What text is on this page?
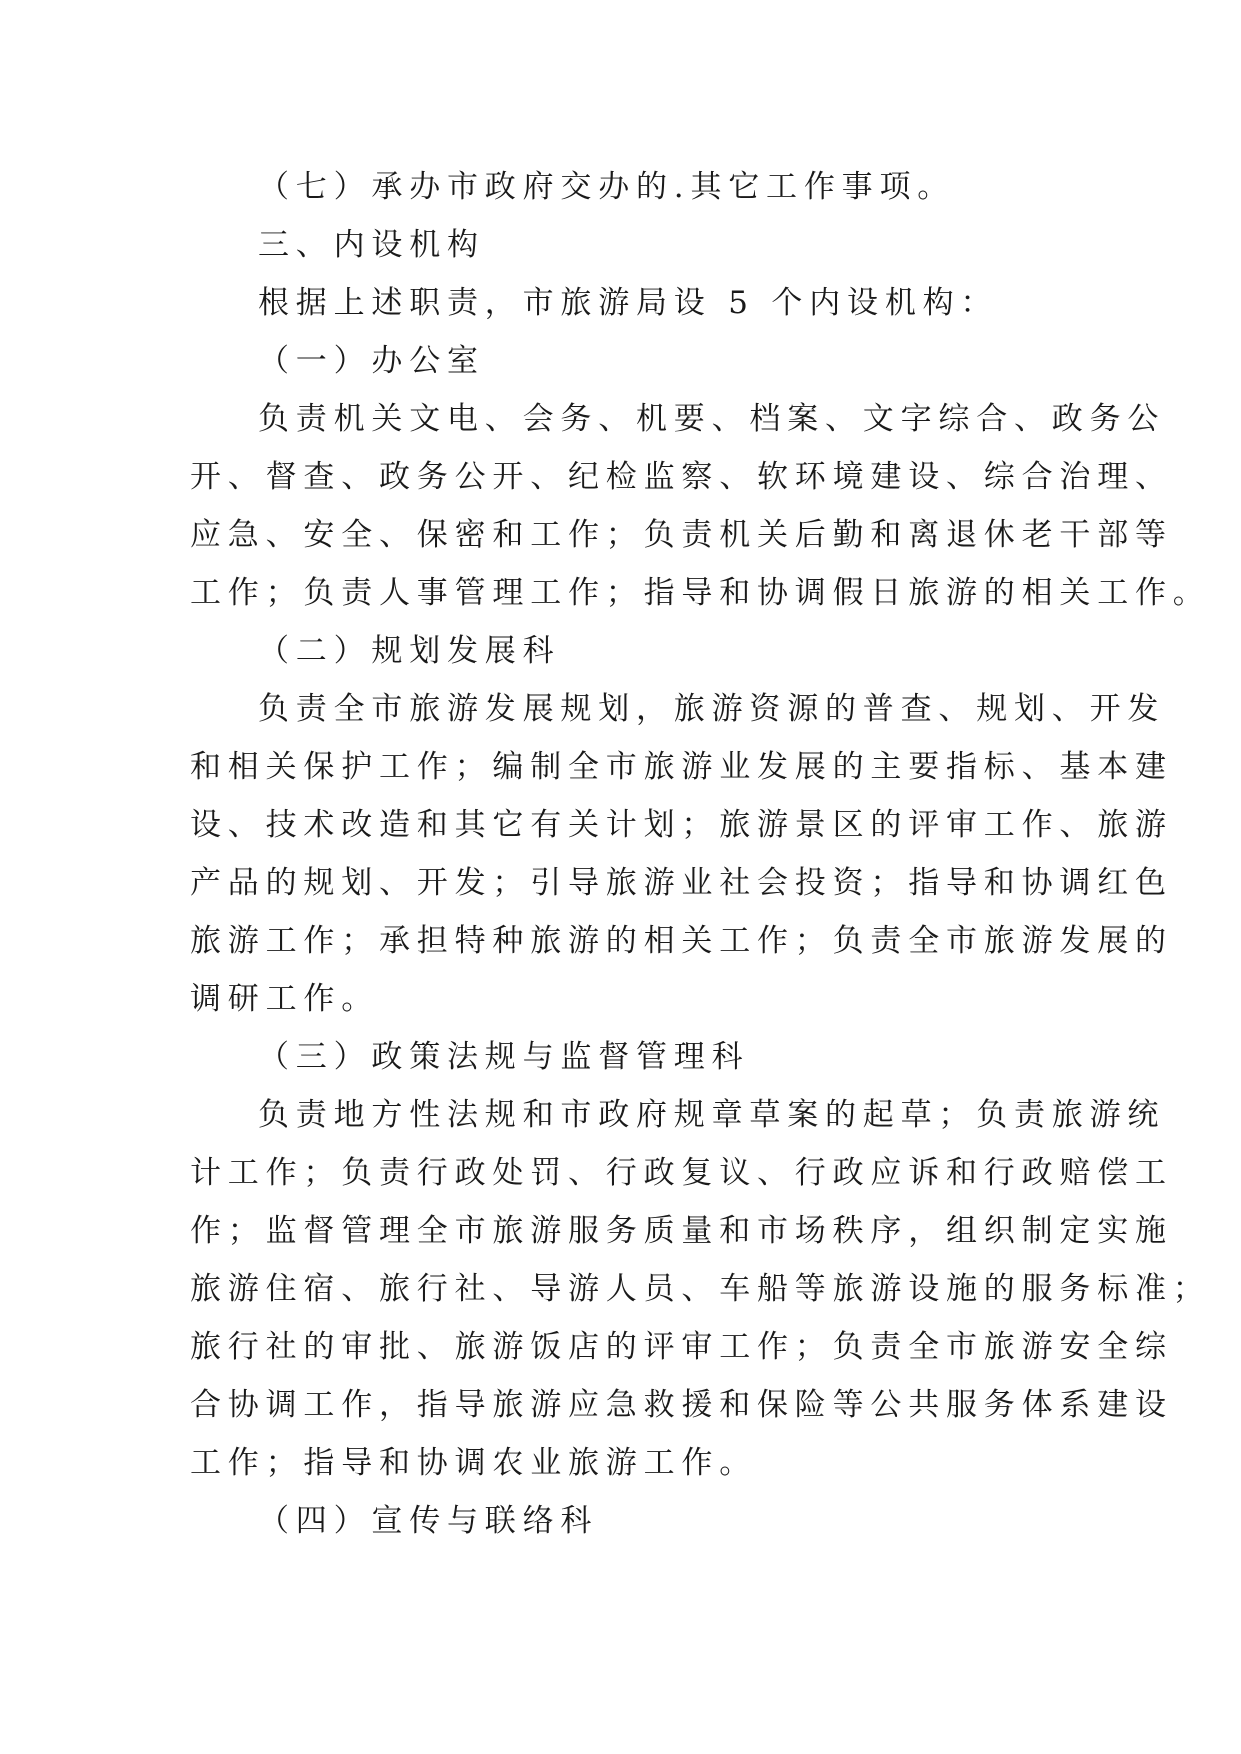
（七）承办市政府交办的.其它工作事项。
三、内设机构
根据上述职责，市旅游局设 5 个内设机构：
（一）办公室
负责机关文电、会务、机要、档案、文字综合、政务公
开、督查、政务公开、纪检监察、软环境建设、综合治理、
应急、安全、保密和工作；负责机关后勤和离退休老干部等
工作；负责人事管理工作；指导和协调假日旅游的相关工作。
（二）规划发展科
负责全市旅游发展规划，旅游资源的普查、规划、开发
和相关保护工作；编制全市旅游业发展的主要指标、基本建
设、技术改造和其它有关计划；旅游景区的评审工作、旅游
产品的规划、开发；引导旅游业社会投资；指导和协调红色
旅游工作；承担特种旅游的相关工作；负责全市旅游发展的
调研工作。
（三）政策法规与监督管理科
负责地方性法规和市政府规章草案的起草；负责旅游统
计工作；负责行政处罚、行政复议、行政应诉和行政赔偿工
作；监督管理全市旅游服务质量和市场秩序，组织制定实施
旅游住宿、旅行社、导游人员、车船等旅游设施的服务标准；
旅行社的审批、旅游饭店的评审工作；负责全市旅游安全综
合协调工作，指导旅游应急救援和保险等公共服务体系建设
工作；指导和协调农业旅游工作。
（四）宣传与联络科
